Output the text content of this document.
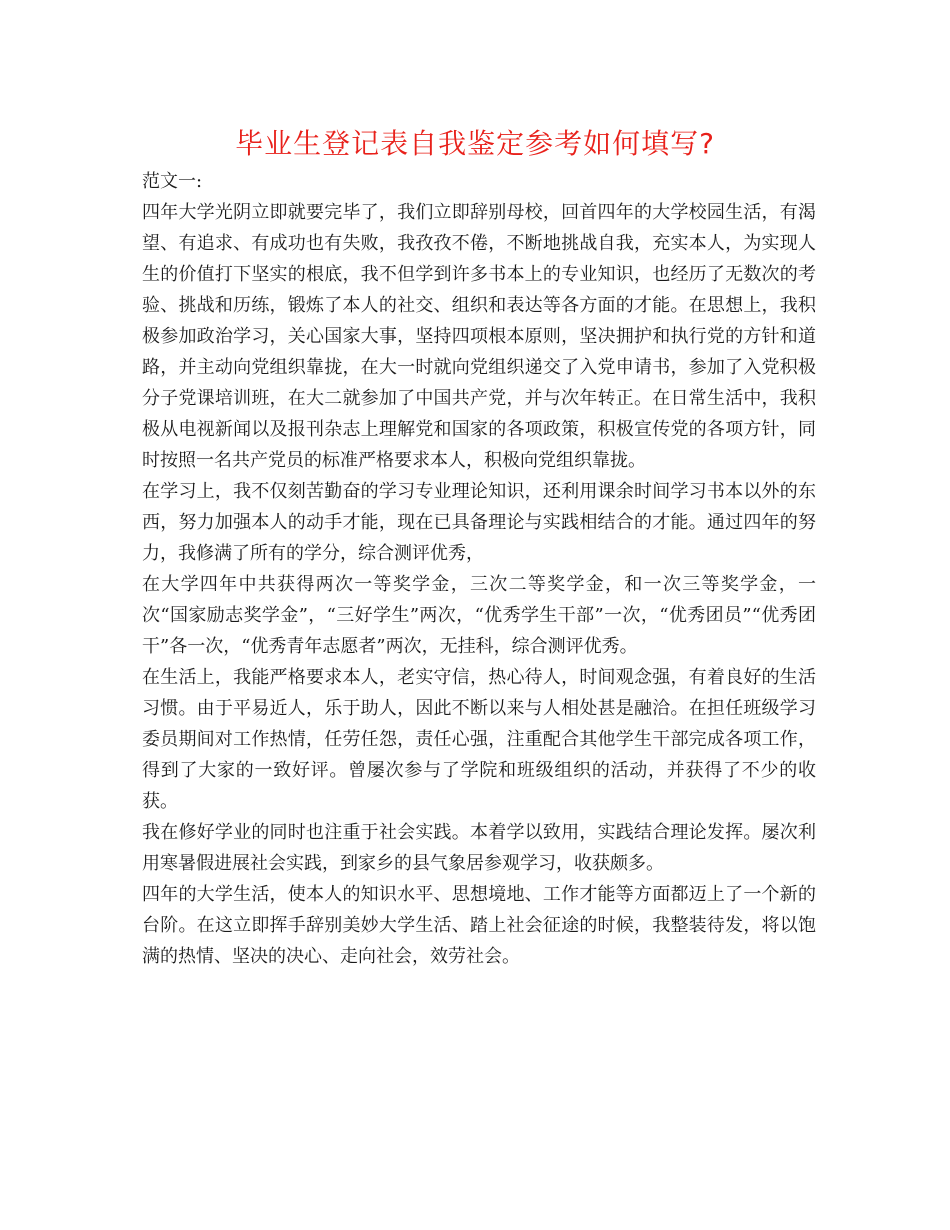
毕业生登记表自我鉴定参考如何填写?

范文一:

四年大学光阴立即就要完毕了，我们立即辞别母校，回首四年的大学校园生活，有渴望、有追求、有成功也有失败，我孜孜不倦，不断地挑战自我，充实本人，为实现人生的价值打下坚实的根底，我不但学到许多书本上的专业知识，也经历了无数次的考验、挑战和历练，锻炼了本人的社交、组织和表达等各方面的才能。在思想上，我积极参加政治学习，关心国家大事，坚持四项根本原则，坚决拥护和执行党的方针和道路，并主动向党组织靠拢，在大一时就向党组织递交了入党申请书，参加了入党积极分子党课培训班，在大二就参加了中国共产党，并与次年转正。在日常生活中，我积极从电视新闻以及报刊杂志上理解党和国家的各项政策，积极宣传党的各项方针，同时按照一名共产党员的标准严格要求本人，积极向党组织靠拢。

在学习上，我不仅刻苦勤奋的学习专业理论知识，还利用课余时间学习书本以外的东西，努力加强本人的动手才能，现在已具备理论与实践相结合的才能。通过四年的努力，我修满了所有的学分，综合测评优秀，

在大学四年中共获得两次一等奖学金，三次二等奖学金，和一次三等奖学金，一次“国家励志奖学金”，“三好学生”两次，“优秀学生干部”一次，“优秀团员”“优秀团干”各一次，“优秀青年志愿者”两次，无挂科，综合测评优秀。

在生活上，我能严格要求本人，老实守信，热心待人，时间观念强，有着良好的生活习惯。由于平易近人，乐于助人，因此不断以来与人相处甚是融洽。在担任班级学习委员期间对工作热情，任劳任怨，责任心强，注重配合其他学生干部完成各项工作，得到了大家的一致好评。曾屡次参与了学院和班级组织的活动，并获得了不少的收获。

我在修好学业的同时也注重于社会实践。本着学以致用，实践结合理论发挥。屡次利用寒暑假进展社会实践，到家乡的县气象居参观学习，收获颇多。

四年的大学生活，使本人的知识水平、思想境地、工作才能等方面都迈上了一个新的台阶。在这立即挥手辞别美妙大学生活、踏上社会征途的时候，我整装待发，将以饱满的热情、坚决的决心、走向社会，效劳社会。
